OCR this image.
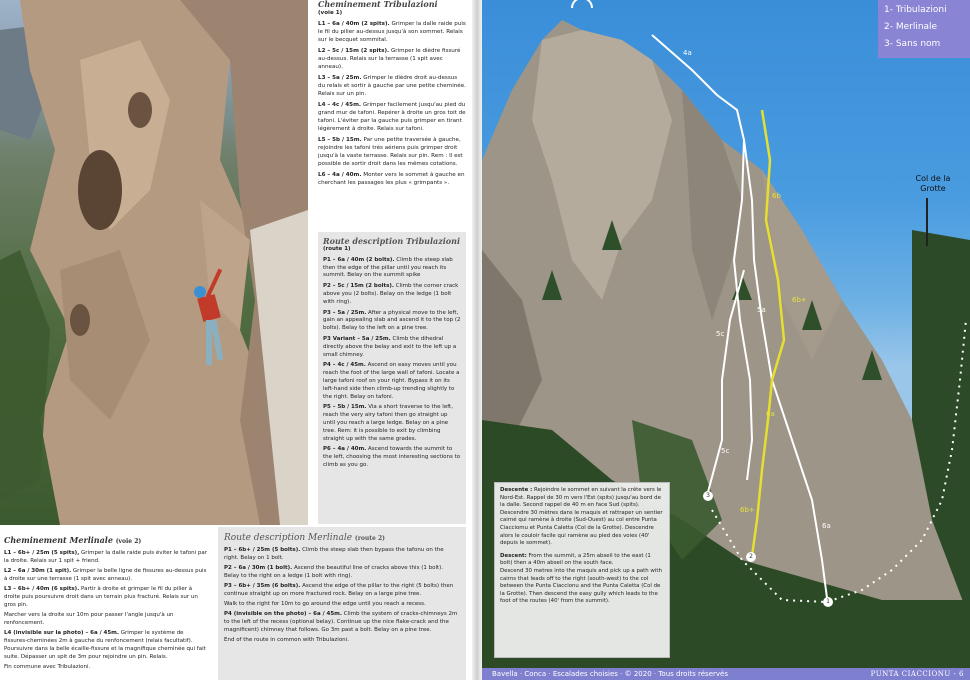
Cheminement Tribulazioni
(voie 1)

L1 – 6a / 40m (2 spits). Grimper la dalle raide puis le fil du pilier au-dessus jusqu'à son sommet. Relais sur le becquet sommital.

L2 – 5c / 15m (2 spits). Grimper le dièdre fissuré au-dessus. Relais sur la terrasse (1 spit avec anneau).

L3 – 5a / 25m. Grimper le dièdre droit au-dessus du relais et sortir à gauche par une petite cheminée. Relais sur un pin.

L4 – 4c / 45m. Grimper facilement jusqu'au pied du grand mur de tafoni. Repérer à droite un gros toit de tafoni. L'éviter par la gauche puis grimper en tirant légèrement à droite. Relais sur tafoni.

L5 – 5b / 15m. Par une petite traversée à gauche, rejoindre les tafoni très aériens puis grimper droit jusqu'à la vaste terrasse. Relais sur pin. Rem : Il est possible de sortir droit dans les mêmes cotations.

L6 – 4a / 40m. Monter vers le sommet à gauche en cherchant les passages les plus « grimpants ».

Route description Tribulazioni
(route 1)

P1 – 6a / 40m (2 bolts). Climb the steep slab then the edge of the pillar until you reach its summit. Belay on the summit spike

P2 – 5c / 15m (2 bolts). Climb the corner crack above you (2 bolts). Belay on the ledge (1 bolt with ring).

P3 – 5a / 25m. After a physical move to the left, gain an appealing slab and ascend it to the top (2 bolts). Belay to the left on a pine tree.

P3 Variant – 5a / 25m. Climb the dihedral directly above the belay and exit to the left up a small chimney.

P4 – 4c / 45m. Ascend on easy moves until you reach the foot of the large wall of tafoni. Locate a large tafoni roof on your right. Bypass it on its left-hand side then climb-up trending slightly to the right. Belay on tafoni.

P5 – 5b / 15m. Via a short traverse to the left, reach the very airy tafoni then go straight up until you reach a large ledge. Belay on a pine tree. Rem: it is possible to exit by climbing straight up with the same grades.

P6 – 4a / 40m. Ascend towards the summit to the left, choosing the most interesting sections to climb as you go.

Cheminement Merlinale (voie 2)

L1 – 6b+ / 25m (5 spits), Grimper la dalle raide puis éviter le tafoni par la droite. Relais sur 1 spit + friend.

L2 – 6a / 30m (1 spit). Grimper la belle ligne de fissures au-dessus puis à droite sur une terrasse (1 spit avec anneau).

L3 – 6b+ / 40m (6 spits). Partir à droite et grimper le fil du pilier à droite puis poursuivre droit dans un terrain plus fracturé. Relais sur un gros pin.

Marcher vers la droite sur 10m pour passer l'angle jusqu'à un renfoncement.

L4 (invisible sur la photo) – 6a / 45m. Grimper le système de fissures-cheminées 2m à gauche du renfoncement (relais facultatif). Poursuivre dans la belle écaille-fissure et la magnifique cheminée qui fait suite. Dépasser un spit de 3m pour rejoindre un pin. Relais.

Fin commune avec Tribulazioni.

Route description Merlinale (route 2)

P1 – 6b+ / 25m (5 bolts). Climb the steep slab then bypass the tafonu on the right. Belay on 1 bolt.

P2 – 6a / 30m (1 bolt). Ascend the beautiful line of cracks above this (1 bolt). Belay to the right on a ledge (1 bolt with ring).

P3 – 6b+ / 35m (6 bolts). Ascend the edge of the pillar to the right (5 bolts) then continue straight up on more fractured rock. Belay on a large pine tree.

Walk to the right for 10m to go around the edge until you reach a recess.

P4 (invisible on the photo) – 6a / 45m. Climb the system of cracks-chimneys 2m to the left of the recess (optional belay). Continue up the nice flake-crack and the magnificent) chimney that follows. Go 3m past a bolt. Belay on a pine tree.

End of the route in common with Tribulazioni.

4a
6b
6b+
5a
5c
6a
5c
6b+
6a
3
2
1
1- Tribulazioni
2- Merlinale
3- Sans nom
Col de la Grotte

Descente : Rejoindre le sommet en suivant la crête vers le Nord-Est. Rappel de 30 m vers l'Est (spits) jusqu'au bord de la dalle. Second rappel de 40 m en face Sud (spits). Descendre 30 mètres dans le maquis et rattraper un sentier cairné qui ramène à droite (Sud-Ouest) au col entre Punta Ciacciomu et Punta Caletta (Col de la Grotte). Descendre alors le couloir facile qui ramène au pied des voies (40' depuis le sommet).

Descent: From the summit, a 25m abseil to the east (1 bolt) then a 40m abseil on the south face.
Descend 30 metres into the maquis and pick up a path with cairns that leads off to the right (south-west) to the col between the Punta Ciaccionu and the Punta Caletta (Col de la Grotte). Then descend the easy gully which leads to the foot of the routes (40' from the summit).

Bavella · Conca · Escalades choisies · © 2020 · Tous droits réservés	PUNTA CIACCIONU - 6
